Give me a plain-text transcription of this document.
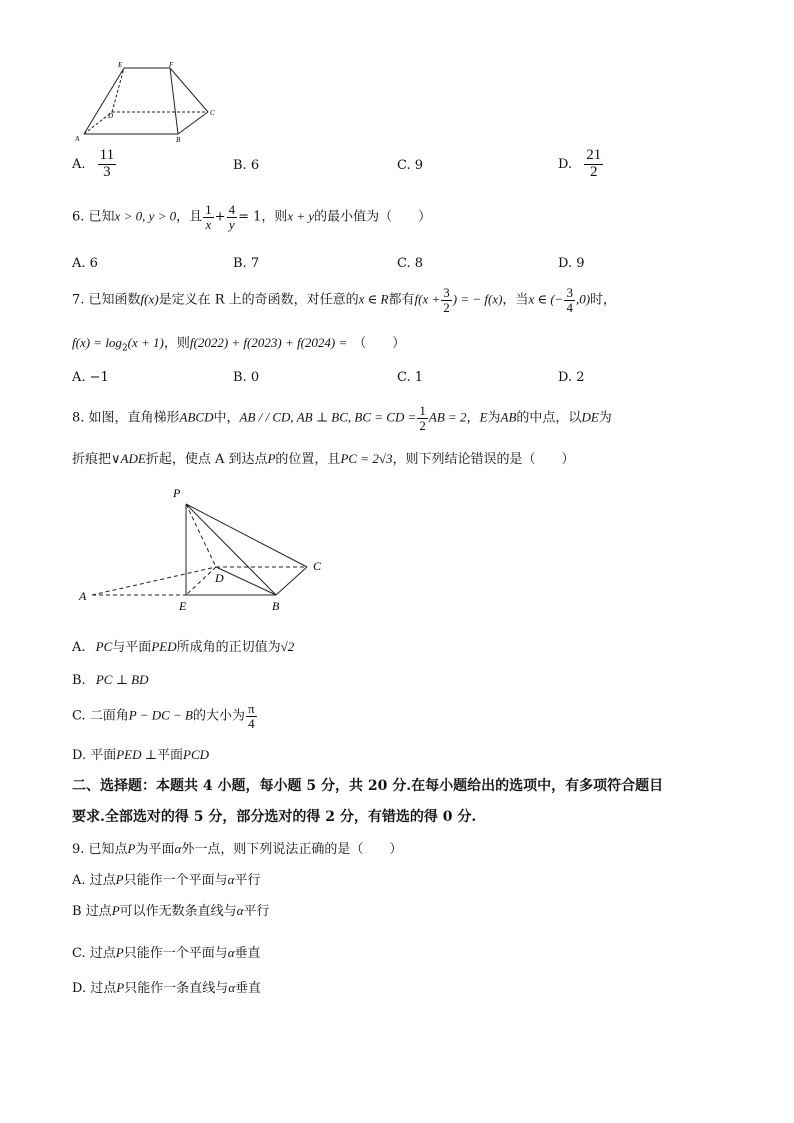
E	F
D	C
A	B
A. $\frac{11}{3}$	B. 6	C. 9	D. $\frac{21}{2}$
6. 已知x > 0, y > 0，且 $\frac{1}{x} + \frac{4}{y} = 1$，则x + y的最小值为（　　）
A. 6	B. 7	C. 8	D. 9
7. 已知函数f(x)是定义在 R 上的奇函数，对任意的x ∈ R都有$f(x + \frac{3}{2}$ ) = − f(x)，当x ∈ (− $\frac{3}{4} ,0$)时，
$f(x) = \log_2(x + 1)$，则f(2022) + f(2023) + f(2024) = （　　）
A. −1	B. 0	C. 1	D. 2
8. 如图，直角梯形ABCD中，AB / / CD, AB ⊥ BC, BC = CD = $\frac{1}{2}$ AB = 2，E为AB的中点，以DE为
折痕把∨ADE折起，使点 A 到达点P的位置，且PC = 2√3，则下列结论错误的是（　　）
P
C
D
A
E	B
A. PC与平面PED所成角的正切值为√2
B. PC ⊥ BD
C. 二面角P − DC − B的大小为 $\frac{\pi}{4}$
D. 平面PED ⊥平面PCD
二、选择题：本题共 4 小题，每小题 5 分，共 20 分.在每小题给出的选项中，有多项符合题目
要求.全部选对的得 5 分，部分选对的得 2 分，有错选的得 0 分.
9. 已知点P为平面α外一点，则下列说法正确的是（　　）
A. 过点P只能作一个平面与α平行
B 过点P可以作无数条直线与α平行
C. 过点P只能作一个平面与α垂直
D. 过点P只能作一条直线与α垂直
